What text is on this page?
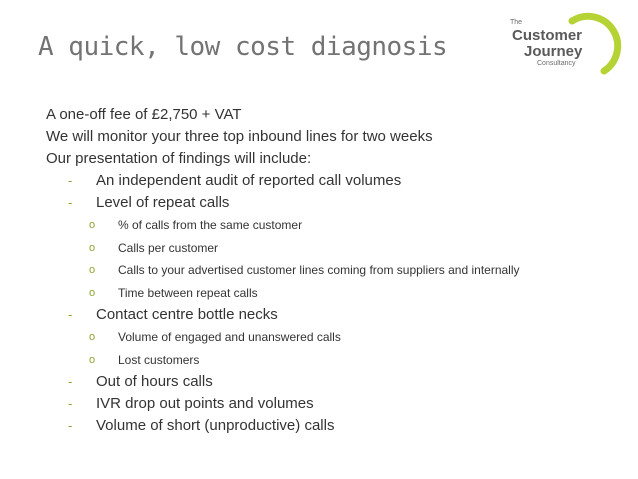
A quick, low cost diagnosis
The
Customer
Journey
Consultancy
A one-off fee of £2,750 + VAT
We will monitor your three top inbound lines for two weeks
Our presentation of findings will include:
- An independent audit of reported call volumes
- Level of repeat calls
o % of calls from the same customer
o Calls per customer
o Calls to your advertised customer lines coming from suppliers and internally
o Time between repeat calls
- Contact centre bottle necks
o Volume of engaged and unanswered calls
o Lost customers
- Out of hours calls
- IVR drop out points and volumes
- Volume of short (unproductive) calls
